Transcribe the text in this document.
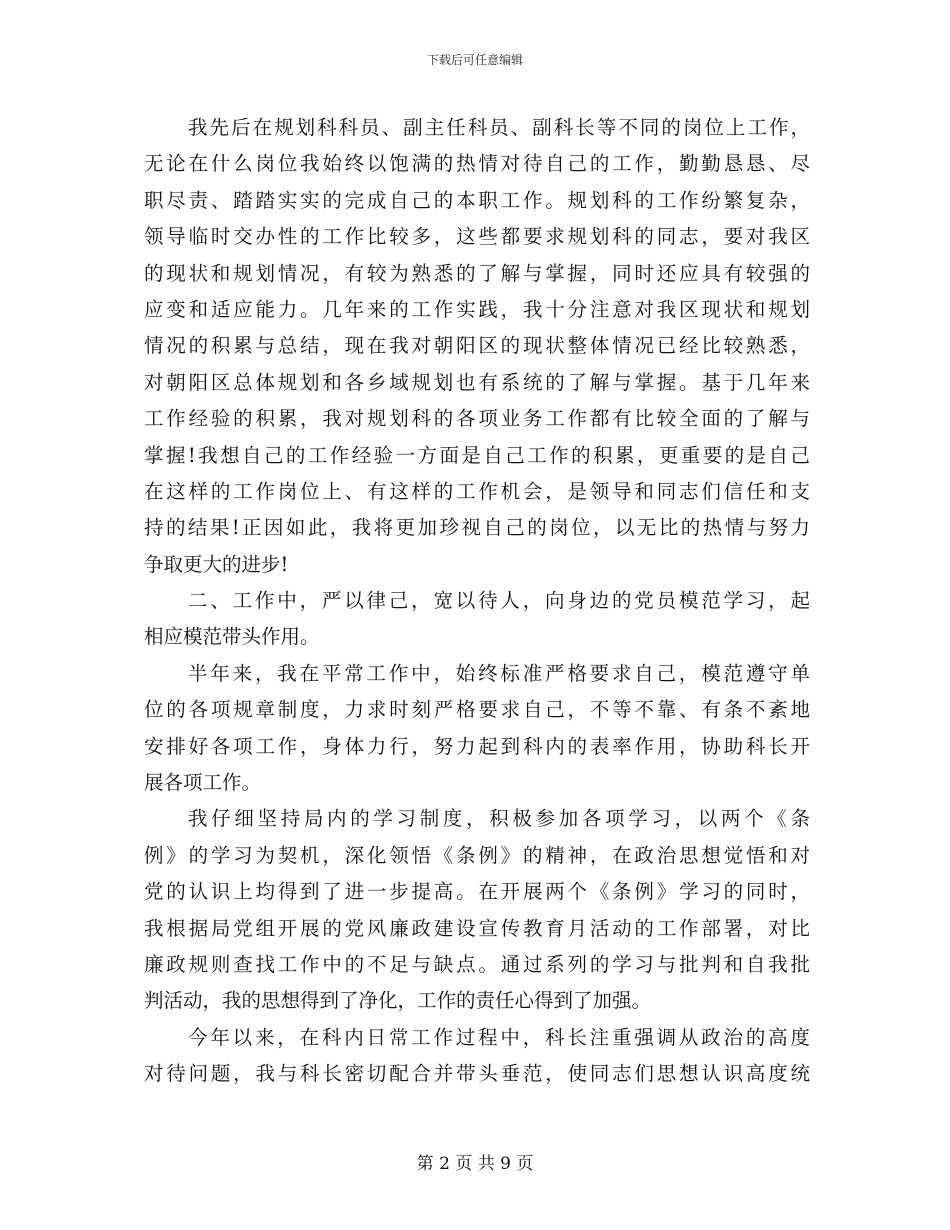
下载后可任意编辑
我先后在规划科科员、副主任科员、副科长等不同的岗位上工作，
无论在什么岗位我始终以饱满的热情对待自己的工作，勤勤恳恳、尽
职尽责、踏踏实实的完成自己的本职工作。规划科的工作纷繁复杂，
领导临时交办性的工作比较多，这些都要求规划科的同志，要对我区
的现状和规划情况，有较为熟悉的了解与掌握，同时还应具有较强的
应变和适应能力。几年来的工作实践，我十分注意对我区现状和规划
情况的积累与总结，现在我对朝阳区的现状整体情况已经比较熟悉，
对朝阳区总体规划和各乡域规划也有系统的了解与掌握。基于几年来
工作经验的积累，我对规划科的各项业务工作都有比较全面的了解与
掌握!我想自己的工作经验一方面是自己工作的积累，更重要的是自己
在这样的工作岗位上、有这样的工作机会，是领导和同志们信任和支
持的结果!正因如此，我将更加珍视自己的岗位，以无比的热情与努力
争取更大的进步!
二、工作中，严以律己，宽以待人，向身边的党员模范学习，起
相应模范带头作用。
半年来，我在平常工作中，始终标准严格要求自己，模范遵守单
位的各项规章制度，力求时刻严格要求自己，不等不靠、有条不紊地
安排好各项工作，身体力行，努力起到科内的表率作用，协助科长开
展各项工作。
我仔细坚持局内的学习制度，积极参加各项学习，以两个《条
例》的学习为契机，深化领悟《条例》的精神，在政治思想觉悟和对
党的认识上均得到了进一步提高。在开展两个《条例》学习的同时，
我根据局党组开展的党风廉政建设宣传教育月活动的工作部署，对比
廉政规则查找工作中的不足与缺点。通过系列的学习与批判和自我批
判活动，我的思想得到了净化，工作的责任心得到了加强。
今年以来，在科内日常工作过程中，科长注重强调从政治的高度
对待问题，我与科长密切配合并带头垂范，使同志们思想认识高度统
第 2 页 共 9 页
